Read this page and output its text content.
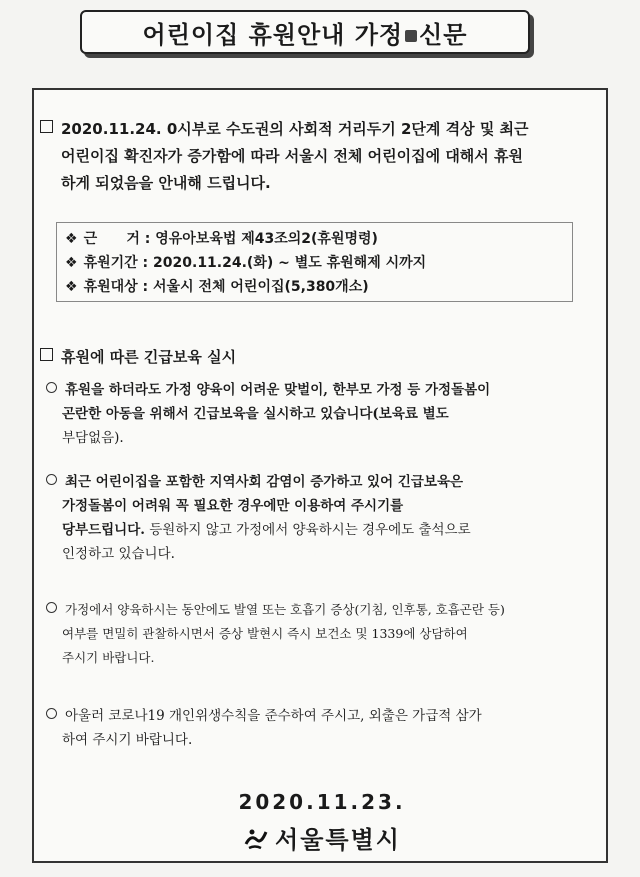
어린이집 휴원안내 가정 신문
2020.11.24. 0시부로 수도권의 사회적 거리두기 2단계 격상 및 최근
어린이집 확진자가 증가함에 따라 서울시 전체 어린이집에 대해서 휴원
하게 되었음을 안내해 드립니다.
❖ 근      거 : 영유아보육법 제43조의2(휴원명령)
❖ 휴원기간 : 2020.11.24.(화) ~ 별도 휴원해제 시까지
❖ 휴원대상 : 서울시 전체 어린이집(5,380개소)
휴원에 따른 긴급보육 실시
휴원을 하더라도 가정 양육이 어려운 맞벌이, 한부모 가정 등 가정돌봄이
곤란한 아동을 위해서 긴급보육을 실시하고 있습니다(보육료 별도
부담없음).
최근 어린이집을 포함한 지역사회 감염이 증가하고 있어 긴급보육은
가정돌봄이 어려워 꼭 필요한 경우에만 이용하여 주시기를
당부드립니다. 등원하지 않고 가정에서 양육하시는 경우에도 출석으로
인정하고 있습니다.
가정에서 양육하시는 동안에도 발열 또는 호흡기 증상(기침, 인후통, 호흡곤란 등)
여부를 면밀히 관찰하시면서 증상 발현시 즉시 보건소 및 1339에 상담하여
주시기 바랍니다.
아울러 코로나19 개인위생수칙을 준수하여 주시고, 외출은 가급적 삼가
하여 주시기 바랍니다.
2020.11.23.
서울특별시
